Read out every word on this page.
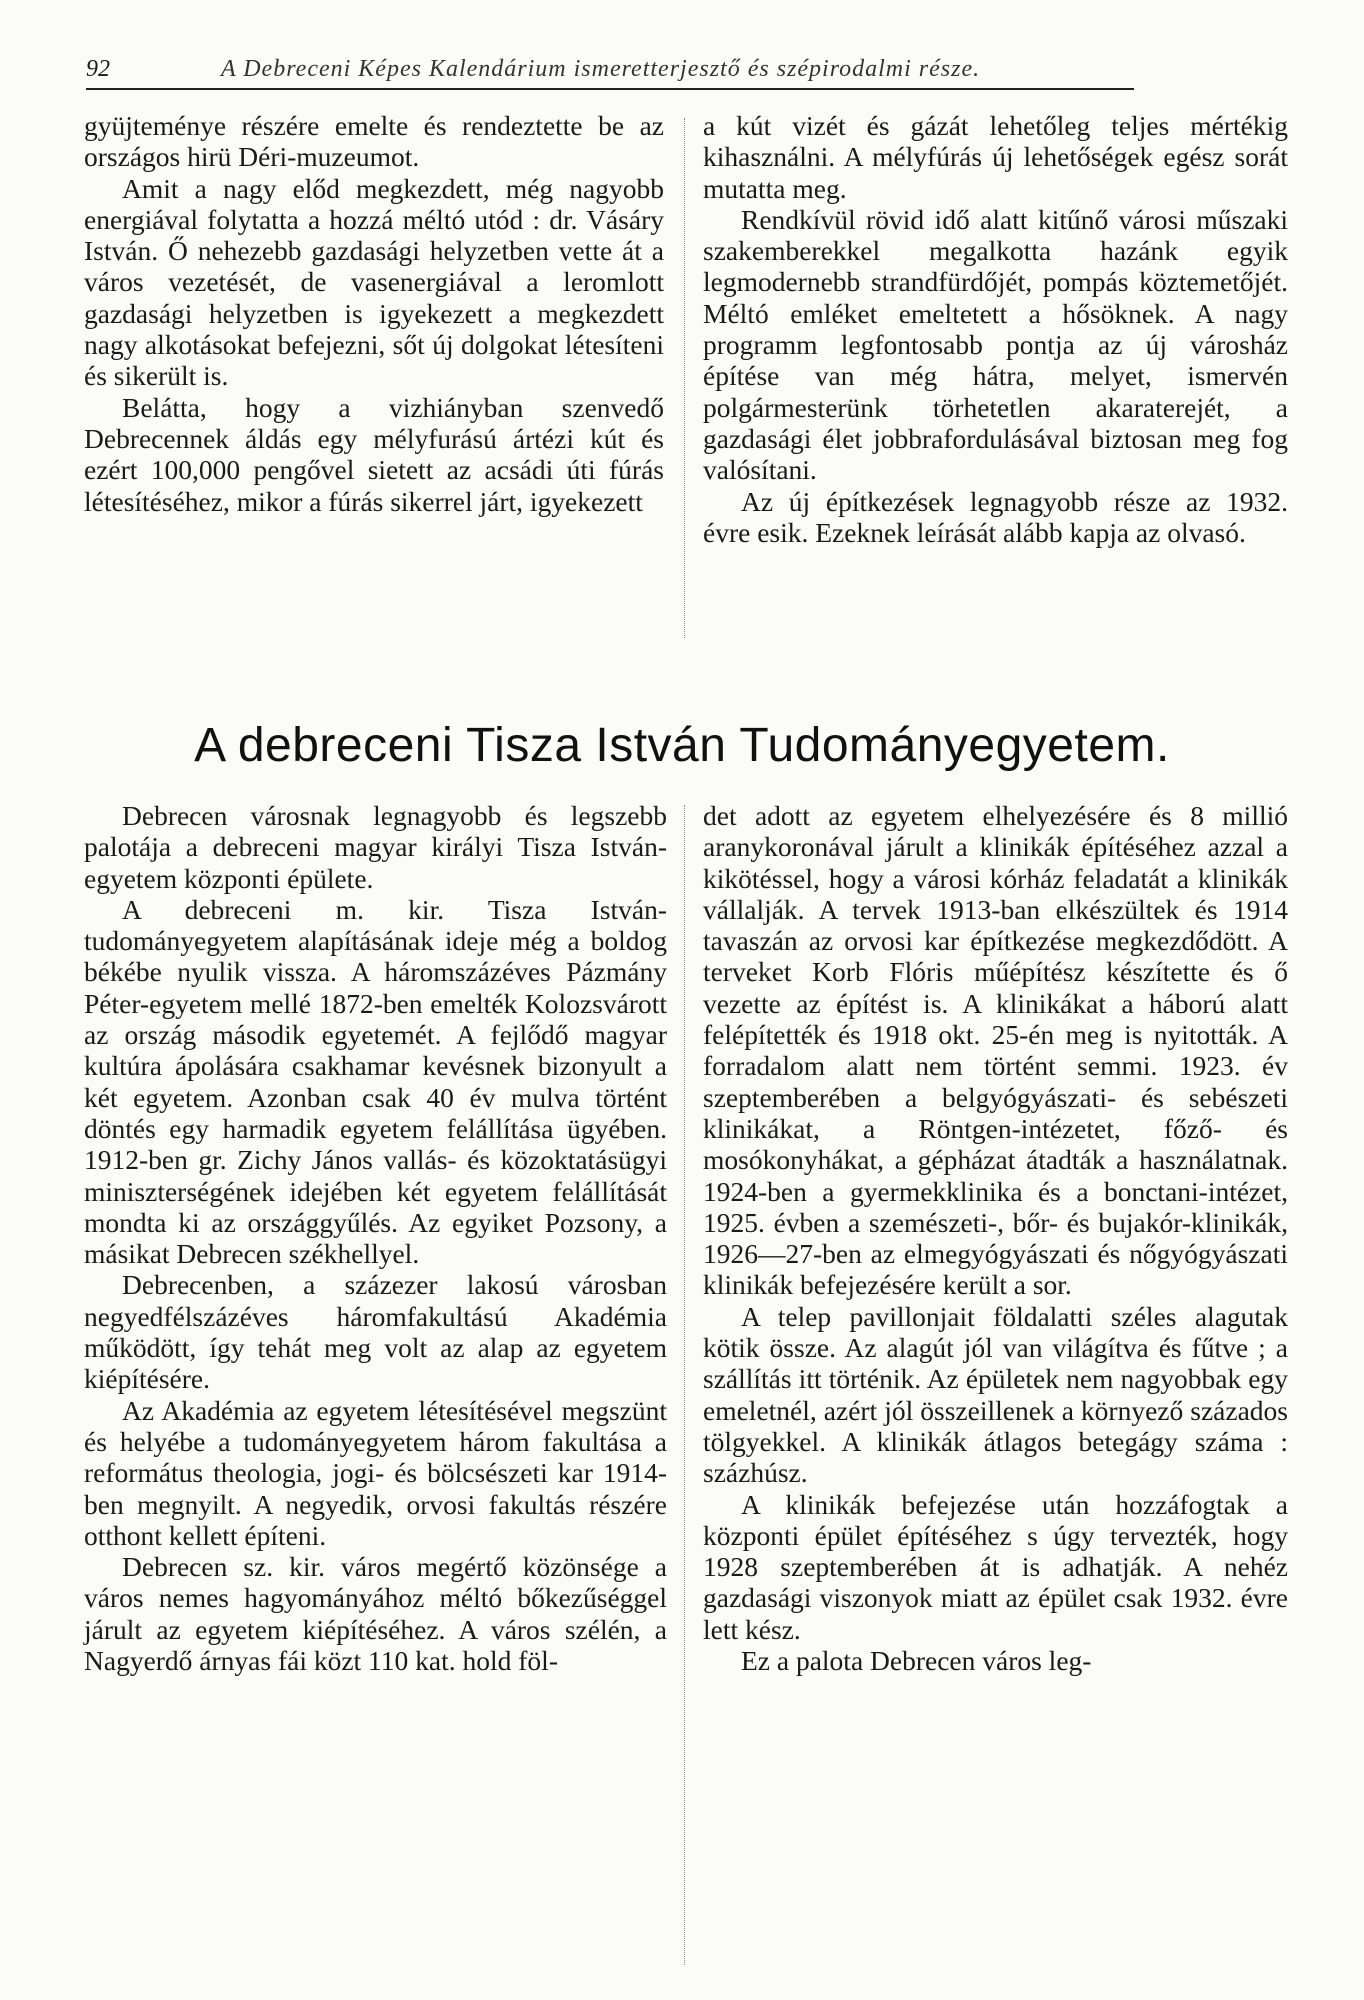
92	A Debreceni Képes Kalendárium ismeretterjesztő és szépirodalmi része.

gyüjteménye részére emelte és rendeztette be az országos hirü Déri-muzeumot.

Amit a nagy előd megkezdett, még nagyobb energiával folytatta a hozzá méltó utód : dr. Vásáry István. Ő nehezebb gazdasági helyzetben vette át a város vezetését, de vasenergiával a leromlott gazdasági helyzetben is igyekezett a megkezdett nagy alkotásokat befejezni, sőt új dolgokat létesíteni és sikerült is.

Belátta, hogy a vizhiányban szenvedő Debrecennek áldás egy mélyfurású ártézi kút és ezért 100,000 pengővel sietett az acsádi úti fúrás létesítéséhez, mikor a fúrás sikerrel járt, igyekezett

a kút vizét és gázát lehetőleg teljes mértékig kihasználni. A mélyfúrás új lehetőségek egész sorát mutatta meg.

Rendkívül rövid idő alatt kitűnő városi műszaki szakemberekkel megalkotta hazánk egyik legmodernebb strandfürdőjét, pompás köztemetőjét. Méltó emléket emeltetett a hősöknek. A nagy programm legfontosabb pontja az új városház építése van még hátra, melyet, ismervén polgármesterünk törhetetlen akaraterejét, a gazdasági élet jobbrafordulásával biztosan meg fog valósítani.

Az új építkezések legnagyobb része az 1932. évre esik. Ezeknek leírását alább kapja az olvasó.

A debreceni Tisza István Tudományegyetem.

Debrecen városnak legnagyobb és legszebb palotája a debreceni magyar királyi Tisza István-egyetem központi épülete.

A debreceni m. kir. Tisza István-tudományegyetem alapításának ideje még a boldog békébe nyulik vissza. A háromszázéves Pázmány Péter-egyetem mellé 1872-ben emelték Kolozsvárott az ország második egyetemét. A fejlődő magyar kultúra ápolására csakhamar kevésnek bizonyult a két egyetem. Azonban csak 40 év mulva történt döntés egy harmadik egyetem felállítása ügyében. 1912-ben gr. Zichy János vallás- és közoktatásügyi miniszterségének idejében két egyetem felállítását mondta ki az országgyűlés. Az egyiket Pozsony, a másikat Debrecen székhellyel.

Debrecenben, a százezer lakosú városban negyedfélszázéves háromfakultású Akadémia működött, így tehát meg volt az alap az egyetem kiépítésére.

Az Akadémia az egyetem létesítésével megszünt és helyébe a tudományegyetem három fakultása a református theologia, jogi- és bölcsészeti kar 1914-ben megnyilt. A negyedik, orvosi fakultás részére otthont kellett építeni.

Debrecen sz. kir. város megértő közönsége a város nemes hagyományához méltó bőkezűséggel járult az egyetem kiépítéséhez. A város szélén, a Nagyerdő árnyas fái közt 110 kat. hold föl-

det adott az egyetem elhelyezésére és 8 millió aranykoronával járult a klinikák építéséhez azzal a kikötéssel, hogy a városi kórház feladatát a klinikák vállalják. A tervek 1913-ban elkészültek és 1914 tavaszán az orvosi kar építkezése megkezdődött. A terveket Korb Flóris műépítész készítette és ő vezette az építést is. A klinikákat a háború alatt felépítették és 1918 okt. 25-én meg is nyitották. A forradalom alatt nem történt semmi. 1923. év szeptemberében a belgyógyászati- és sebészeti klinikákat, a Röntgen-intézetet, főző- és mosókonyhákat, a gépházat átadták a használatnak. 1924-ben a gyermekklinika és a bonctani-intézet, 1925. évben a szemészeti-, bőr- és bujakór-klinikák, 1926—27-ben az elmegyógyászati és nőgyógyászati klinikák befejezésére került a sor.

A telep pavillonjait földalatti széles alagutak kötik össze. Az alagút jól van világítva és fűtve ; a szállítás itt történik. Az épületek nem nagyobbak egy emeletnél, azért jól összeillenek a környező százados tölgyekkel. A klinikák átlagos betegágy száma : százhúsz.

A klinikák befejezése után hozzáfogtak a központi épület építéséhez s úgy tervezték, hogy 1928 szeptemberében át is adhatják. A nehéz gazdasági viszonyok miatt az épület csak 1932. évre lett kész.

Ez a palota Debrecen város leg-
